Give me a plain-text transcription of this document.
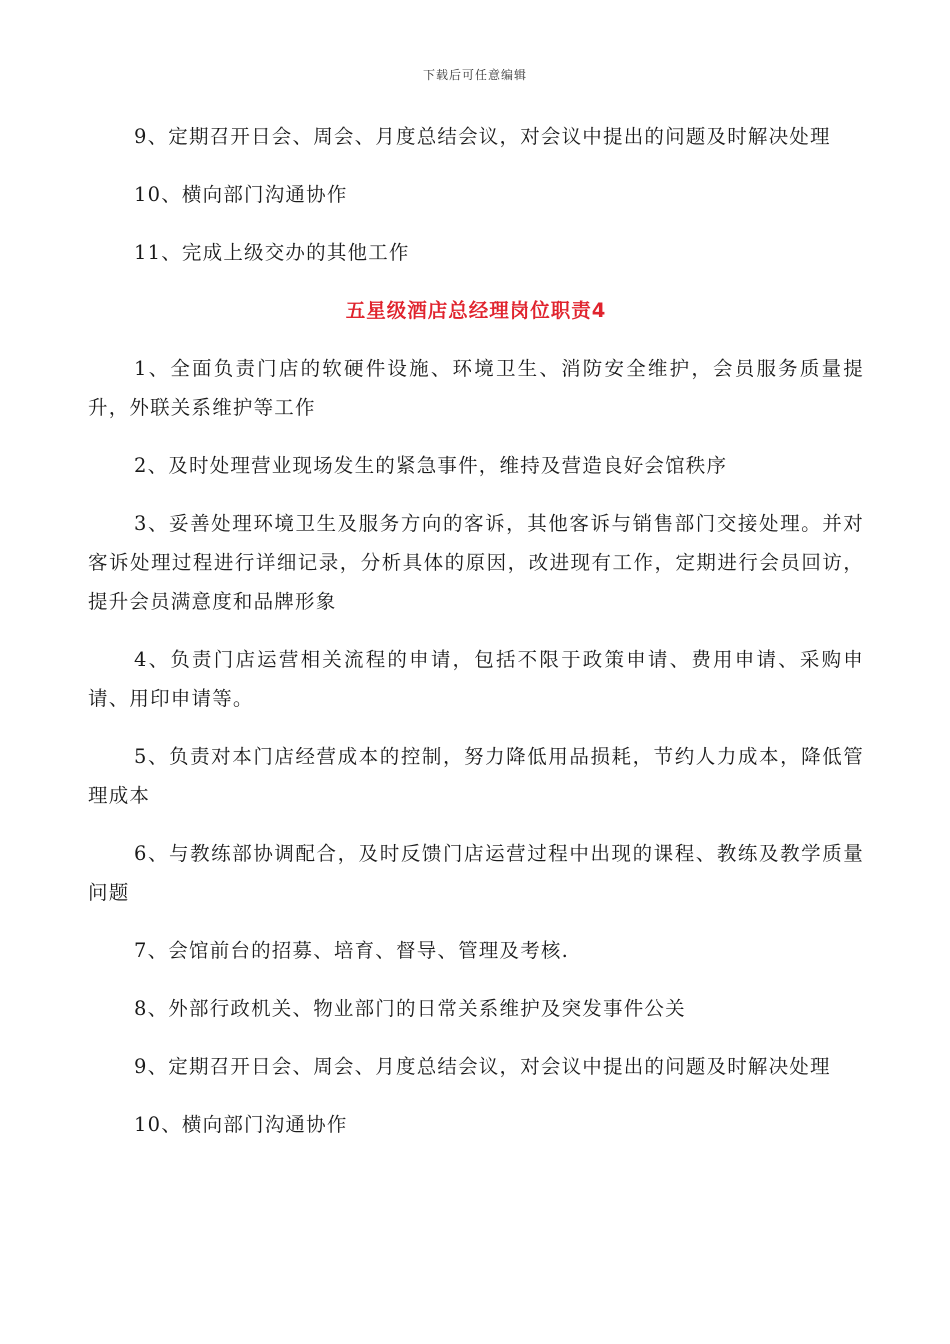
下载后可任意编辑

9、定期召开日会、周会、月度总结会议，对会议中提出的问题及时解决处理

10、横向部门沟通协作

11、完成上级交办的其他工作

五星级酒店总经理岗位职责4

1、全面负责门店的软硬件设施、环境卫生、消防安全维护，会员服务质量提升，外联关系维护等工作

2、及时处理营业现场发生的紧急事件，维持及营造良好会馆秩序

3、妥善处理环境卫生及服务方向的客诉，其他客诉与销售部门交接处理。并对客诉处理过程进行详细记录，分析具体的原因，改进现有工作，定期进行会员回访，提升会员满意度和品牌形象

4、负责门店运营相关流程的申请，包括不限于政策申请、费用申请、采购申请、用印申请等。

5、负责对本门店经营成本的控制，努力降低用品损耗，节约人力成本，降低管理成本

6、与教练部协调配合，及时反馈门店运营过程中出现的课程、教练及教学质量问题

7、会馆前台的招募、培育、督导、管理及考核.

8、外部行政机关、物业部门的日常关系维护及突发事件公关

9、定期召开日会、周会、月度总结会议，对会议中提出的问题及时解决处理

10、横向部门沟通协作
